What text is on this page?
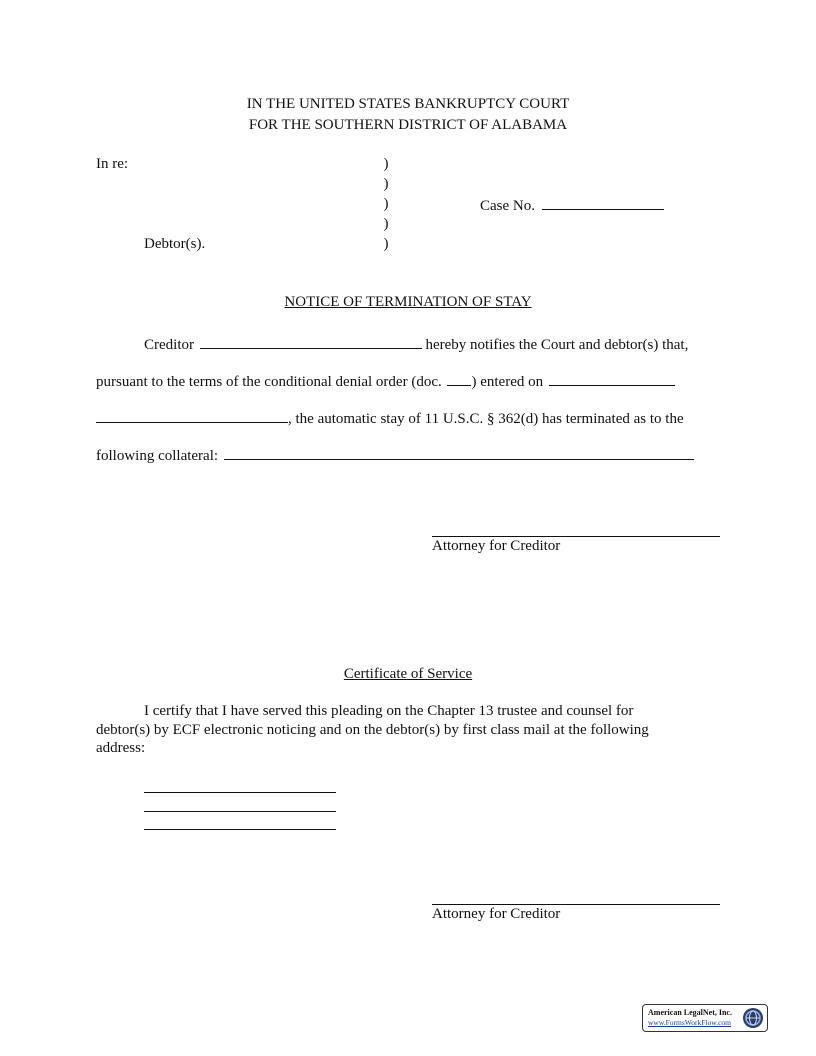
IN THE UNITED STATES BANKRUPTCY COURT
FOR THE SOUTHERN DISTRICT OF ALABAMA
In re:
Debtor(s).
)
)
)
)
)
Case No.
NOTICE OF TERMINATION OF STAY
Creditor	hereby notifies the Court and debtor(s) that,
pursuant to the terms of the conditional denial order (doc. ) entered on
, the automatic stay of 11 U.S.C. § 362(d) has terminated as to the
following collateral:
Attorney for Creditor
Certificate of Service
I certify that I have served this pleading on the Chapter 13 trustee and counsel for
debtor(s) by ECF electronic noticing and on the debtor(s) by first class mail at the following
address:
Attorney for Creditor
American LegalNet, Inc.
www.FormsWorkFlow.com
